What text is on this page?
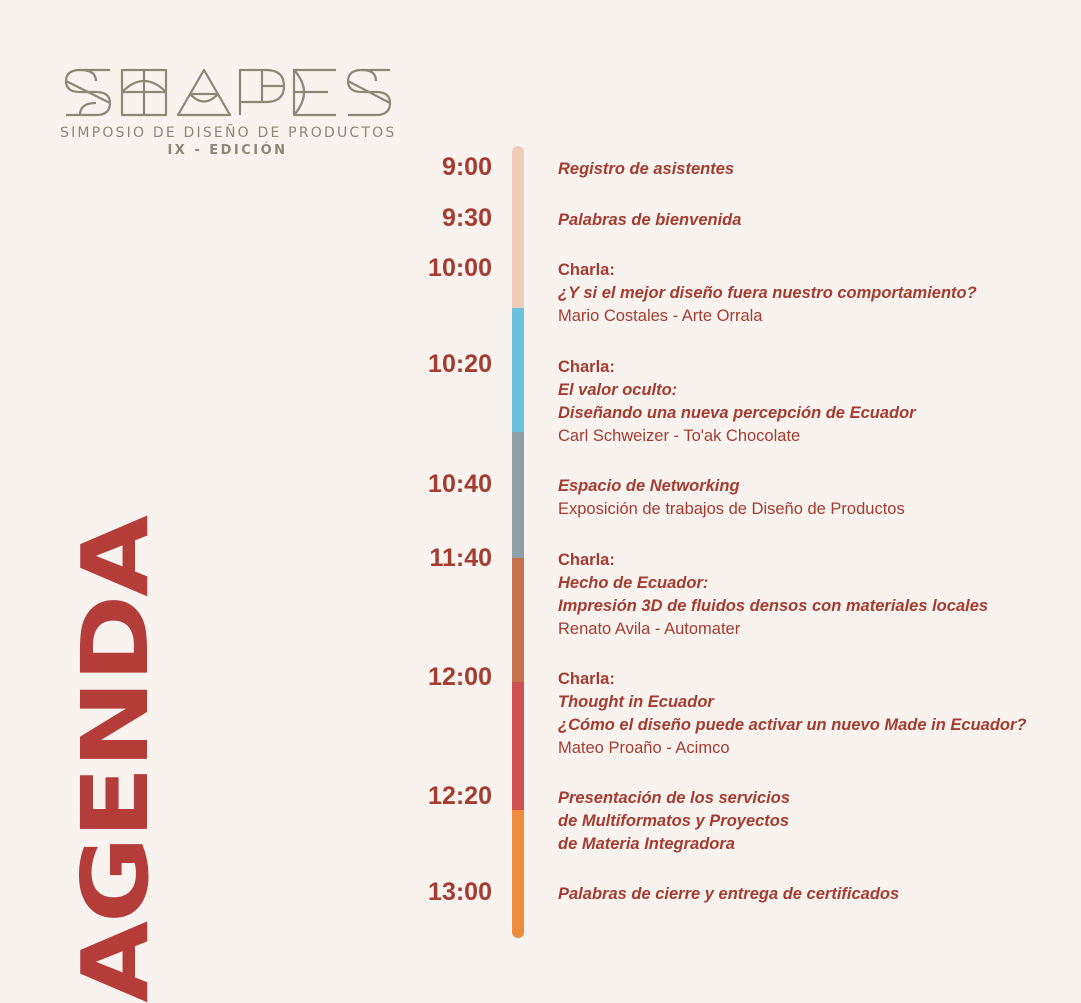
SIMPOSIO DE DISEÑO DE PRODUCTOS
IX - EDICIÓN
AGENDA
9:00	Registro de asistentes
9:30	Palabras de bienvenida
10:00	Charla:
¿Y si el mejor diseño fuera nuestro comportamiento?
Mario Costales - Arte Orrala
10:20	Charla:
El valor oculto:
Diseñando una nueva percepción de Ecuador
Carl Schweizer - To'ak Chocolate
10:40	Espacio de Networking
Exposición de trabajos de Diseño de Productos
11:40	Charla:
Hecho de Ecuador:
Impresión 3D de fluidos densos con materiales locales
Renato Avila - Automater
12:00	Charla:
Thought in Ecuador
¿Cómo el diseño puede activar un nuevo Made in Ecuador?
Mateo Proaño - Acimco
12:20	Presentación de los servicios
de Multiformatos y Proyectos
de Materia Integradora
13:00	Palabras de cierre y entrega de certificados
